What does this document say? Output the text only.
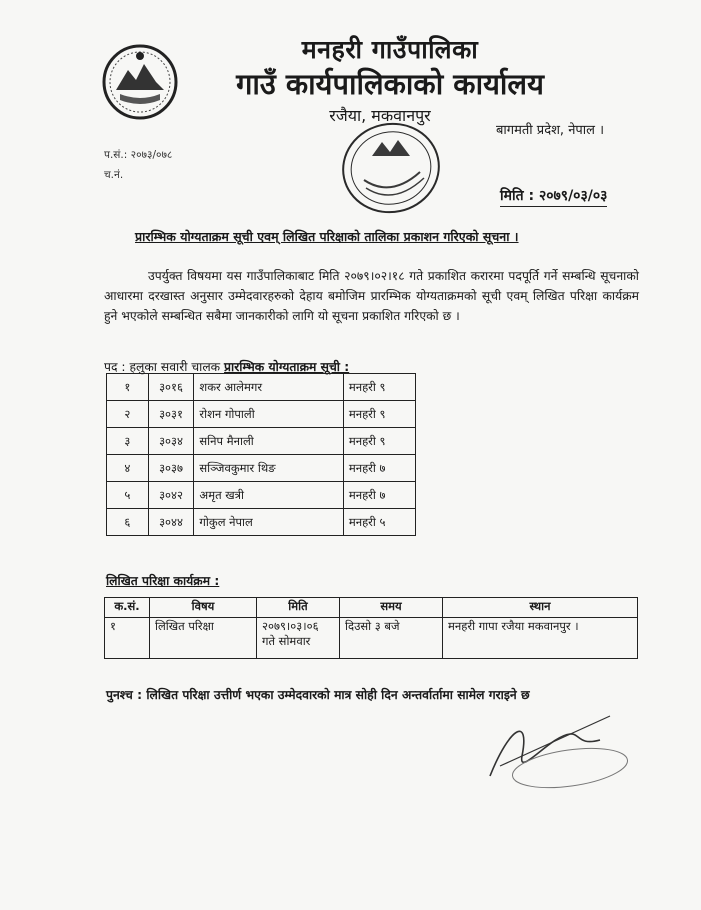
मनहरी गाउँपालिका
गाउँ कार्यपालिकाको कार्यालय
रजैया, मकवानपुर
बागमती प्रदेश, नेपाल ।
प.सं.: २०७३/०७८
च.नं.
मिति : २०७९/०३/०३
प्रारम्भिक योग्यताक्रम सूची एवम् लिखित परिक्षाको तालिका प्रकाशन गरिएको सूचना ।
उपर्युक्त विषयमा यस गाउँपालिकाबाट मिति २०७९।०२।१८ गते प्रकाशित करारमा पदपूर्ति गर्ने सम्बन्धि सूचनाको आधारमा दरखास्त अनुसार उम्मेदवारहरुको देहाय बमोजिम प्रारम्भिक योग्यताक्रमको सूची एवम् लिखित परिक्षा कार्यक्रम हुने भएकोले सम्बन्धित सबैमा जानकारीको लागि यो सूचना प्रकाशित गरिएको छ ।
पद : हलुका सवारी चालक प्रारम्भिक योग्यताक्रम सूची :
१	३०१६	शकर आलेमगर	मनहरी ९
२	३०३१	रोशन गोपाली	मनहरी ९
३	३०३४	सनिप मैनाली	मनहरी ९
४	३०३७	सञ्जिवकुमार थिङ	मनहरी ७
५	३०४२	अमृत खत्री	मनहरी ७
६	३०४४	गोकुल नेपाल	मनहरी ५
लिखित परिक्षा कार्यक्रम :
क.सं.	विषय	मिति	समय	स्थान
१	लिखित परिक्षा	२०७९।०३।०६ गते सोमवार	दिउसो ३ बजे	मनहरी गापा रजैया मकवानपुर ।
पुनश्च : लिखित परिक्षा उत्तीर्ण भएका उम्मेदवारको मात्र सोही दिन अन्तर्वार्तामा सामेल गराइने छ
